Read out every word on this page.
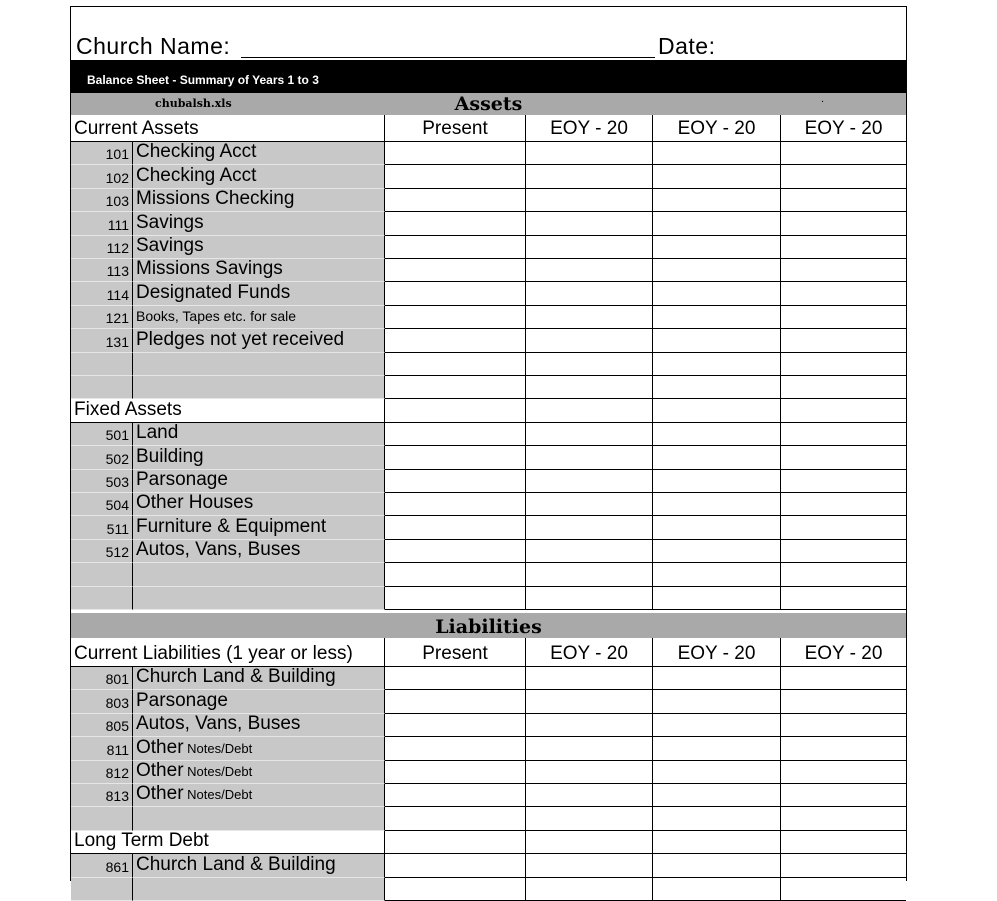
Church Name:	Date:
Balance Sheet - Summary of Years 1 to 3
Assets
chubalsh.xls	.
Current Assets	Present	EOY - 20	EOY - 20	EOY - 20
101 Checking Acct
102 Checking Acct
103 Missions Checking
111 Savings
112 Savings
113 Missions Savings
114 Designated Funds
121 Books, Tapes etc. for sale
131 Pledges not yet received
Fixed Assets
501 Land
502 Building
503 Parsonage
504 Other Houses
511 Furniture & Equipment
512 Autos, Vans, Buses
Liabilities
Current Liabilities (1 year or less)	Present	EOY - 20	EOY - 20	EOY - 20
801 Church Land & Building
803 Parsonage
805 Autos, Vans, Buses
811 Other Notes/Debt
812 Other Notes/Debt
813 Other Notes/Debt
Long Term Debt
861 Church Land & Building
